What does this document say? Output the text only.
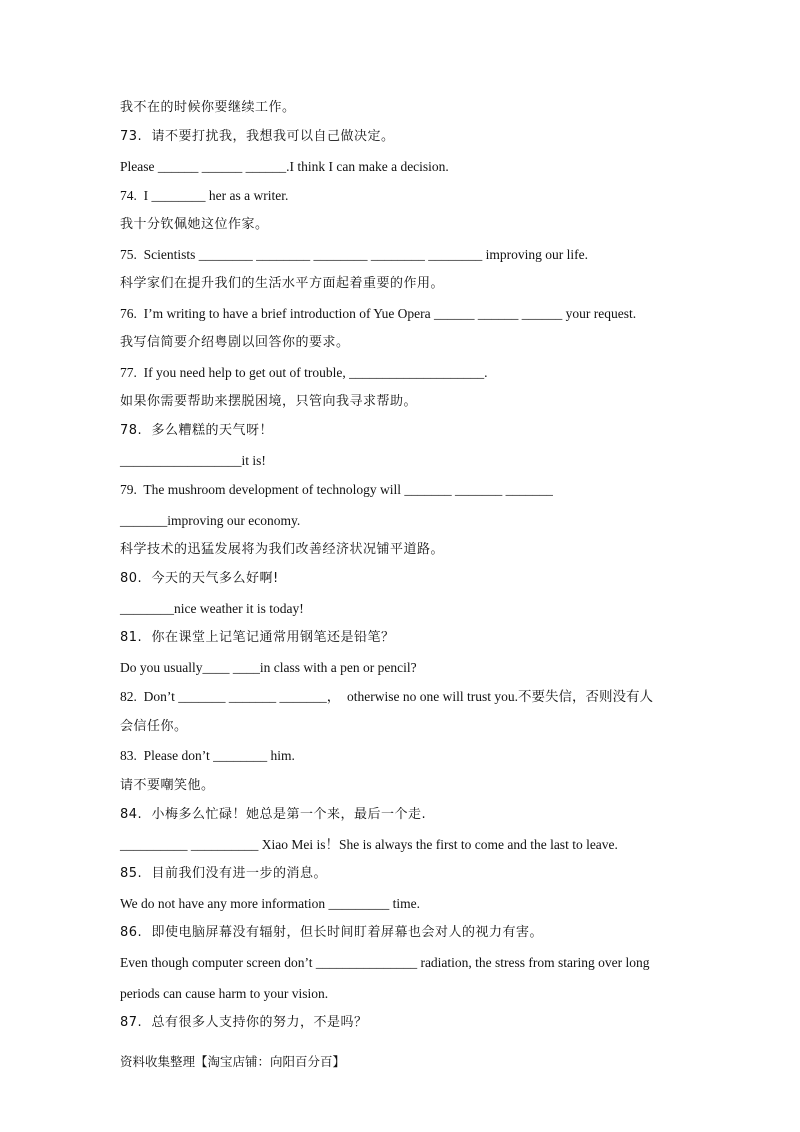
我不在的时候你要继续工作。
73.  请不要打扰我，我想我可以自己做决定。
Please ______ ______ ______.I think I can make a decision.
74.  I ________ her as a writer.
我十分钦佩她这位作家。
75.  Scientists ________ ________ ________ ________ ________ improving our life.
科学家们在提升我们的生活水平方面起着重要的作用。
76.  I’m writing to have a brief introduction of Yue Opera ______ ______ ______ your request.
我写信简要介绍粤剧以回答你的要求。
77.  If you need help to get out of trouble, ____________________.
如果你需要帮助来摆脱困境，只管向我寻求帮助。
78.  多么糟糕的天气呀！
__________________it is!
79.  The mushroom development of technology will _______ _______ _______
_______improving our economy.
科学技术的迅猛发展将为我们改善经济状况铺平道路。
80.  今天的天气多么好啊!
________nice weather it is today!
81.  你在课堂上记笔记通常用钢笔还是铅笔？
Do you usually____ ____in class with a pen or pencil?
82.  Don’t _______ _______ _______，  otherwise no one will trust you.不要失信，否则没有人
会信任你。
83.  Please don’t ________ him.
请不要嘲笑他。
84.  小梅多么忙碌！她总是第一个来，最后一个走.
__________ __________ Xiao Mei is！She is always the first to come and the last to leave.
85.  目前我们没有进一步的消息。
We do not have any more information _________ time.
86.  即使电脑屏幕没有辐射，但长时间盯着屏幕也会对人的视力有害。
Even though computer screen don’t _______________ radiation, the stress from staring over long
periods can cause harm to your vision.
87.  总有很多人支持你的努力，不是吗？
资料收集整理【淘宝店铺：向阳百分百】
